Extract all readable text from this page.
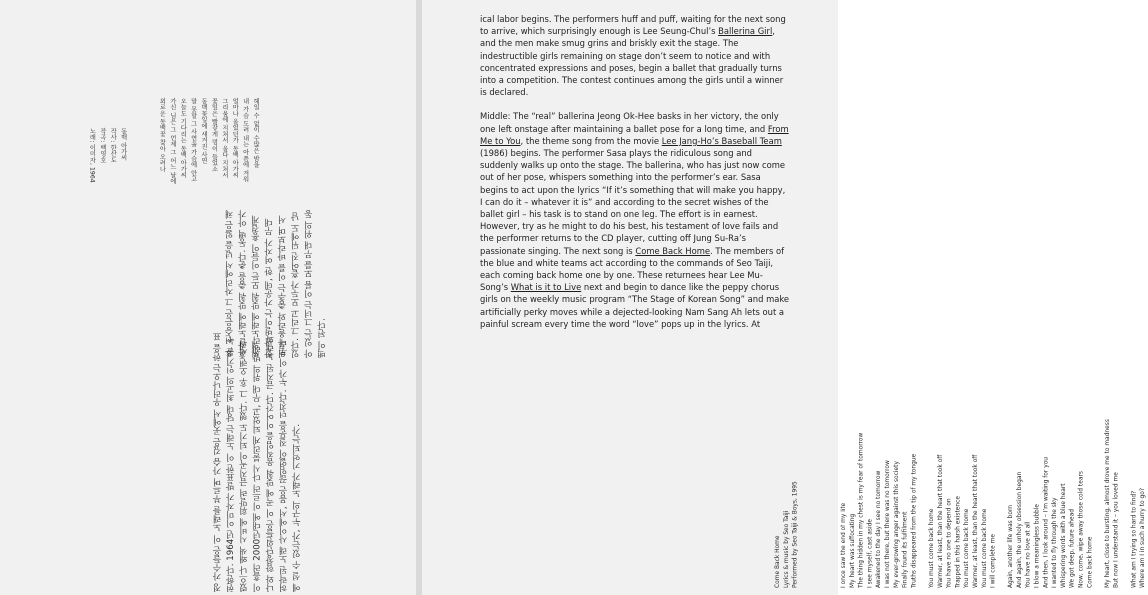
동백 아가씨
작사: 한산도
작곡: 백영호
노래: 이미자, 1964	헤일 수 없이 수많은 밤을
내 가슴 도려 내는 아픔에 겨워
얼마나 울었던가 동백 아가씨
그리움에 지쳐서 울다 지쳐서
꽃잎은 빨갛게 멍이 들었소
동백꽃잎에 새겨진 사연
말 못할 그 사연을 가슴에 안고
오늘도 기다리는 동백 아가씨
가신 님은 그 언제 그 어느 날에
외로운 동백꽃 찾아 오려나
요. 신승은은 그 자리에서 넋을 잃은 채 혼자 노래에 맞춰 춤을 춘다. 동백 아가씨의 노래에 맞춰 모든 이들이 흥겹게 한 판 벌이는 가운데, 한 여자가 무대 위로 올라와 춤추는 이를 바라보며 서 있다. 그리고 모두가 흩어진 뒤에도 남아 있는 그녀는 이름 모를 무대 위의 동백이 된다.
정 가수들은 이 노래를 부르며 가슴 깊은 곳에서 우러나오는 한을 표현한다. 1964년 이미자가 발표한 이 노래는 당대 최고의 인기를 누렸으나 왜색 시비에 휘말려 금지곡이 되기도 했다. 그 후 오랜 세월이 흘러 2000년대에 이르러 다시 불리게 되었고, 무대 위의 발레리나와 합창단원들은 이 곡에 맞춰 움직임을 이어간다. 금지된 노래와 허락된 노래 사이에서, 몸은 끊임없이 질문을 던진다. 누가 이 무대에 설 수 있는가, 누구의 노래가 기억되는가.

ical labor begins. The performers huff and puff, waiting for the next song to arrive, which surprisingly enough is Lee Seung-Chul’s Ballerina Girl, and the men make smug grins and briskly exit the stage. The indestructible girls remaining on stage don’t seem to notice and with concentrated expressions and poses, begin a ballet that gradually turns into a competition. The contest continues among the girls until a winner is declared.

Middle: The “real” ballerina Jeong Ok-Hee basks in her victory, the only one left onstage after maintaining a ballet pose for a long time, and From Me to You, the theme song from the movie Lee Jang-Ho’s Baseball Team (1986) begins. The performer Sasa plays the ridiculous song and suddenly walks up onto the stage. The ballerina, who has just now come out of her pose, whispers something into the performer’s ear. Sasa begins to act upon the lyrics “If it’s something that will make you happy, I can do it – whatever it is” and according to the secret wishes of the ballet girl – his task is to stand on one leg. The effort is in earnest. However, try as he might to do his best, his testament of love fails and the performer returns to the CD player, cutting off Jung Su-Ra’s passionate singing. The next song is Come Back Home. The members of the blue and white teams act according to the commands of Seo Taiji, each coming back home one by one. These returnees hear Lee Mu-Song’s What is it to Live next and begin to dance like the peppy chorus girls on the weekly music program “The Stage of Korean Song” and make artificially perky moves while a dejected-looking Nam Sang Ah lets out a painful scream every time the word “love” pops up in the lyrics. At

Come Back Home Lyrics & music by Seo Taiji Performed by Seo Taiji & Boys, 1995	I once saw the end of my life My heart was suffocating The thing hidden in my chest is my fear of tomorrow I see myself, cast aside Awakened to the day I see no tomorrow I was not there, but there was no tomorrow My ever-growing anger against this society Finally found its fulfilment Truths disappeared from the tip of my tongue
	You must come back home Warmer, at least, than the heart that took off You have no one to depend on Trapped in this harsh existence You must come back home Warmer, at least, than the heart that took off You must come back home I will complete me
	Again, another life was born And again, the unholy obsession began You have no love at all I blow a meaningless bubble And then, I look around – I’m waiting for you I wanted to fly through the sky Whispering words with a blue heart We got deep, future ahead Now, come, wipe away those cold tears Come back home
	My heart, close to bursting, almost drove me to madness But now I understand it – you loved me
	What am I trying so hard to find? Where am I in such a hurry to go?
